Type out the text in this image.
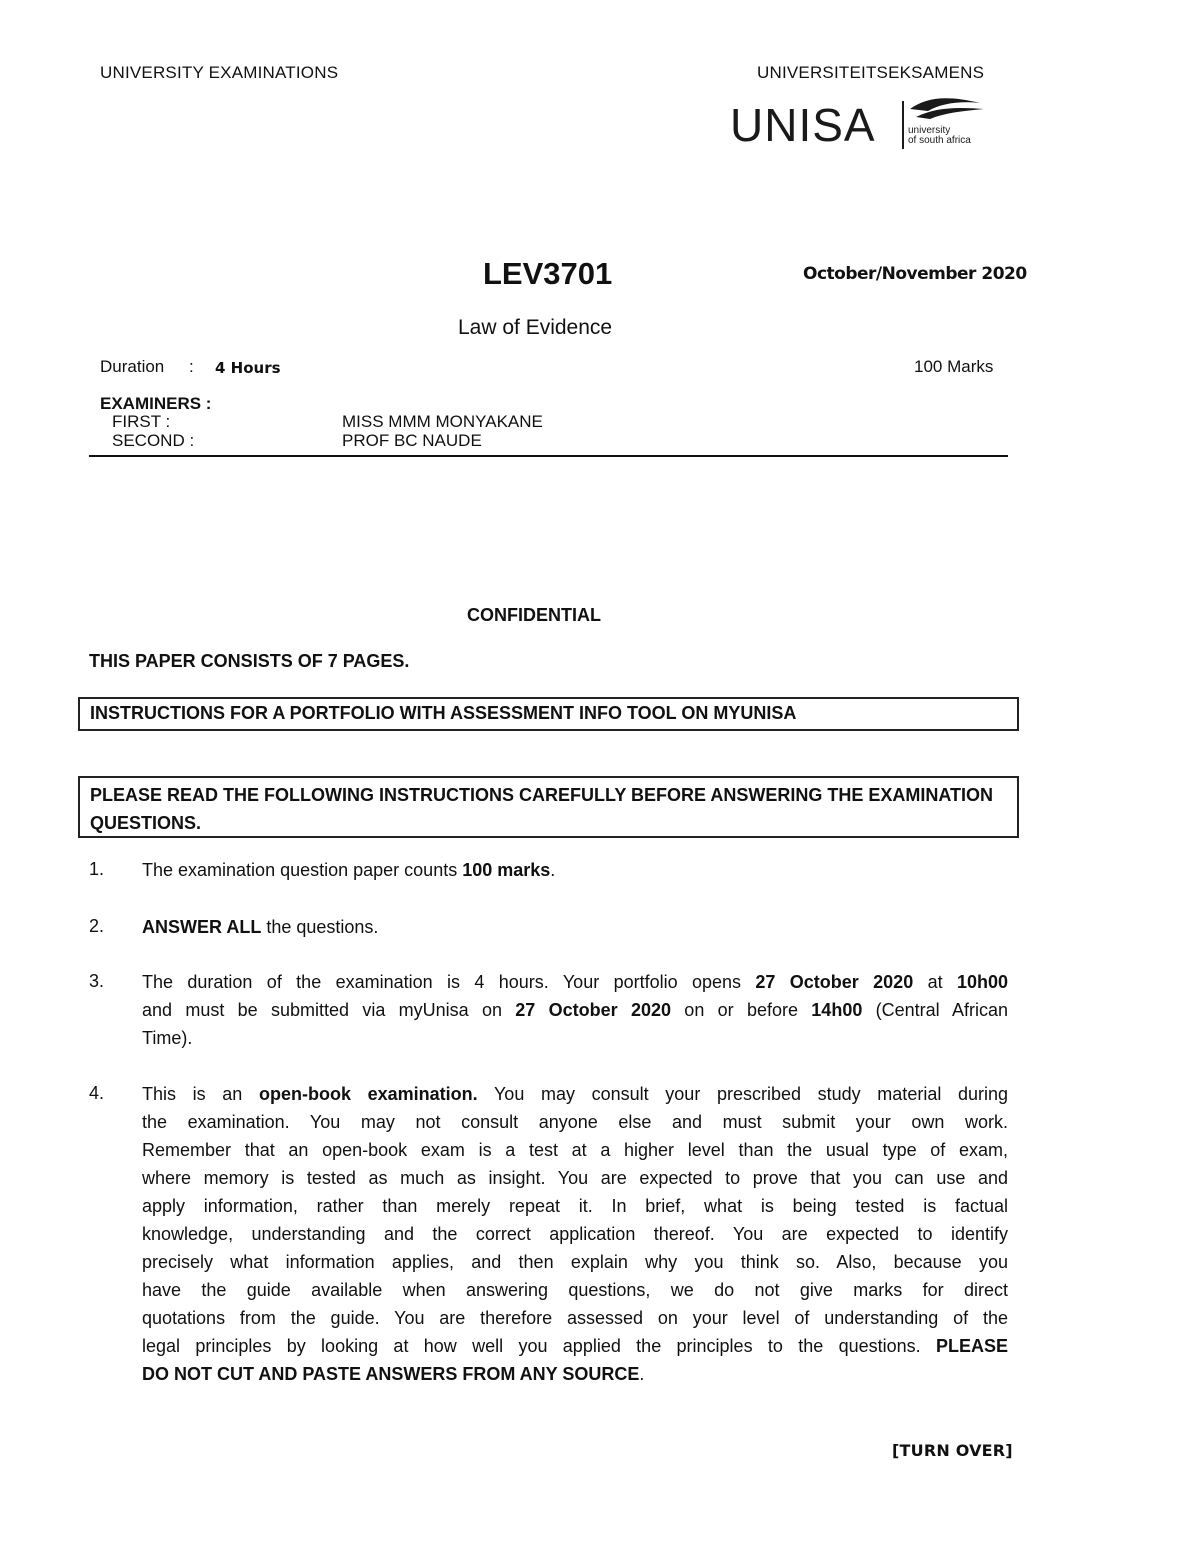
UNIVERSITY EXAMINATIONS	UNIVERSITEITSEKSAMENS
UNISA	university
of south africa
LEV3701	October/November 2020
Law of Evidence
Duration : 4 Hours	100 Marks
EXAMINERS :
FIRST :	MISS MMM MONYAKANE
SECOND :	PROF BC NAUDE
CONFIDENTIAL
THIS PAPER CONSISTS OF 7 PAGES.
INSTRUCTIONS FOR A PORTFOLIO WITH ASSESSMENT INFO TOOL ON MYUNISA
PLEASE READ THE FOLLOWING INSTRUCTIONS CAREFULLY BEFORE ANSWERING THE EXAMINATION QUESTIONS.
1. The examination question paper counts 100 marks.
2. ANSWER ALL the questions.
3. The duration of the examination is 4 hours. Your portfolio opens 27 October 2020 at 10h00
and must be submitted via myUnisa on 27 October 2020 on or before 14h00 (Central African
Time).
4. This is an open-book examination. You may consult your prescribed study material during
the examination. You may not consult anyone else and must submit your own work.
Remember that an open-book exam is a test at a higher level than the usual type of exam,
where memory is tested as much as insight. You are expected to prove that you can use and
apply information, rather than merely repeat it. In brief, what is being tested is factual
knowledge, understanding and the correct application thereof. You are expected to identify
precisely what information applies, and then explain why you think so. Also, because you
have the guide available when answering questions, we do not give marks for direct
quotations from the guide. You are therefore assessed on your level of understanding of the
legal principles by looking at how well you applied the principles to the questions. PLEASE
DO NOT CUT AND PASTE ANSWERS FROM ANY SOURCE.
[TURN OVER]
